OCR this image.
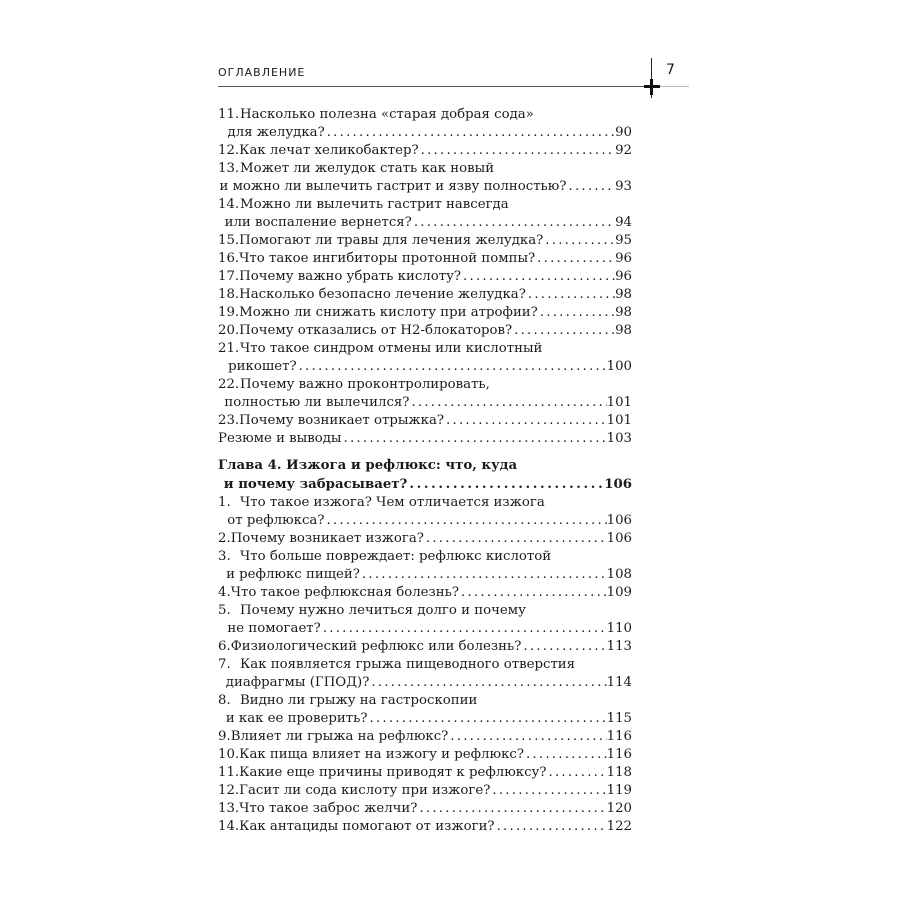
ОГЛАВЛЕНИЕ	7
11.Насколько полезна «старая добрая сода»
для желудка? . . .	90
12. Как лечат хеликобактер? . . .	92
13.Может ли желудок стать как новый
и можно ли вылечить гастрит и язву полностью? . . .	93
14.Можно ли вылечить гастрит навсегда
или воспаление вернется? . . .	94
15. Помогают ли травы для лечения желудка? . . .	95
16. Что такое ингибиторы протонной помпы? . . .	96
17. Почему важно убрать кислоту? . . .	96
18. Насколько безопасно лечение желудка? . . .	98
19. Можно ли снижать кислоту при атрофии? . . .	98
20. Почему отказались от Н2-блокаторов? . . .	98
21.Что такое синдром отмены или кислотный
рикошет? . . .	100
22.Почему важно проконтролировать,
полностью ли вылечился? . . .	101
23. Почему возникает отрыжка? . . .	101
Резюме и выводы . . .	103
Глава 4. Изжога и рефлюкс: что, куда
и почему забрасывает? . . .	106
1. Что такое изжога? Чем отличается изжога
от рефлюкса? . . .	106
2. Почему возникает изжога? . . .	106
3. Что больше повреждает: рефлюкс кислотой
и рефлюкс пищей? . . .	108
4. Что такое рефлюксная болезнь? . . .	109
5. Почему нужно лечиться долго и почему
не помогает? . . .	110
6. Физиологический рефлюкс или болезнь? . . .	113
7. Как появляется грыжа пищеводного отверстия
диафрагмы (ГПОД)? . . .	114
8. Видно ли грыжу на гастроскопии
и как ее проверить? . . .	115
9. Влияет ли грыжа на рефлюкс? . . .	116
10. Как пища влияет на изжогу и рефлюкс? . . .	116
11. Какие еще причины приводят к рефлюксу? . . .	118
12. Гасит ли сода кислоту при изжоге? . . .	119
13. Что такое заброс желчи? . . .	120
14. Как антациды помогают от изжоги? . . .	122
